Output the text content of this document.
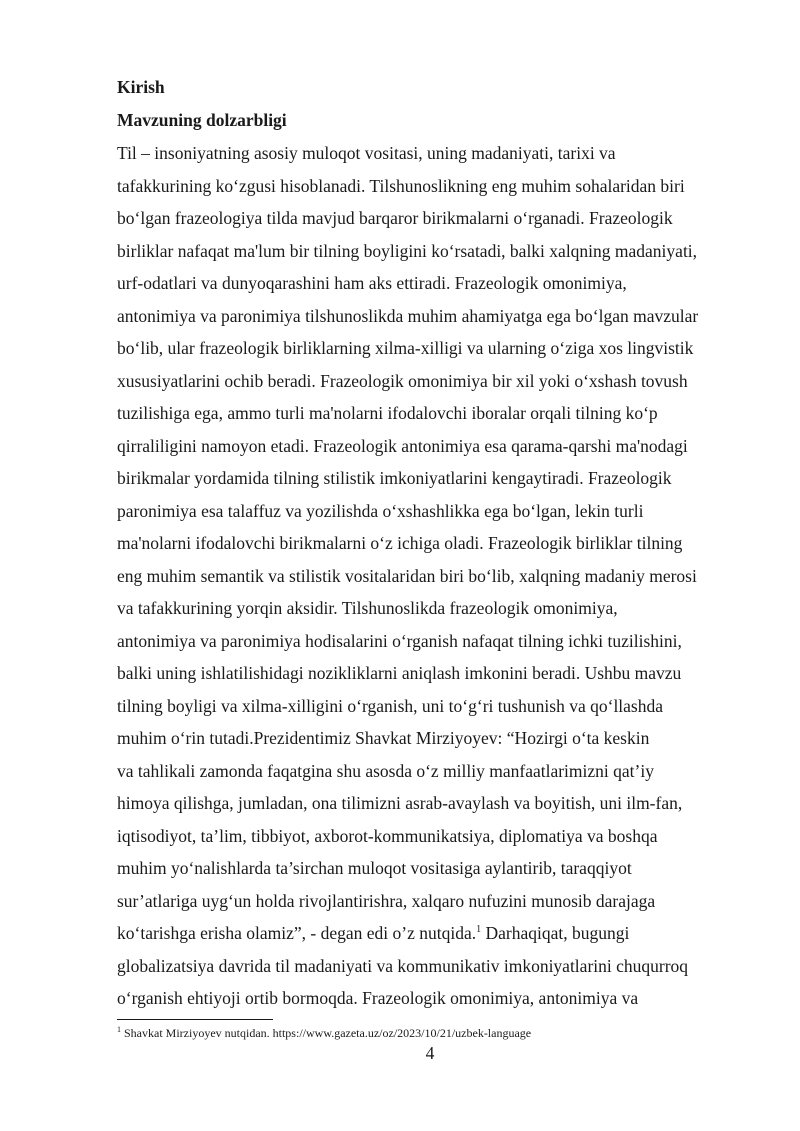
Kirish
Mavzuning dolzarbligi
Til – insoniyatning asosiy muloqot vositasi, uning madaniyati, tarixi va
tafakkurining ko‘zgusi hisoblanadi. Tilshunoslikning eng muhim sohalaridan biri
bo‘lgan frazeologiya tilda mavjud barqaror birikmalarni o‘rganadi. Frazeologik
birliklar nafaqat ma'lum bir tilning boyligini ko‘rsatadi, balki xalqning madaniyati,
urf-odatlari va dunyoqarashini ham aks ettiradi. Frazeologik omonimiya,
antonimiya va paronimiya tilshunoslikda muhim ahamiyatga ega bo‘lgan mavzular
bo‘lib, ular frazeologik birliklarning xilma-xilligi va ularning o‘ziga xos lingvistik
xususiyatlarini ochib beradi. Frazeologik omonimiya bir xil yoki o‘xshash tovush
tuzilishiga ega, ammo turli ma'nolarni ifodalovchi iboralar orqali tilning ko‘p
qirraliligini namoyon etadi. Frazeologik antonimiya esa qarama-qarshi ma'nodagi
birikmalar yordamida tilning stilistik imkoniyatlarini kengaytiradi. Frazeologik
paronimiya esa talaffuz va yozilishda o‘xshashlikka ega bo‘lgan, lekin turli
ma'nolarni ifodalovchi birikmalarni o‘z ichiga oladi. Frazeologik birliklar tilning
eng muhim semantik va stilistik vositalaridan biri bo‘lib, xalqning madaniy merosi
va tafakkurining yorqin aksidir. Tilshunoslikda frazeologik omonimiya,
antonimiya va paronimiya hodisalarini o‘rganish nafaqat tilning ichki tuzilishini,
balki uning ishlatilishidagi nozikliklarni aniqlash imkonini beradi. Ushbu mavzu
tilning boyligi va xilma-xilligini o‘rganish, uni to‘g‘ri tushunish va qo‘llashda
muhim o‘rin tutadi.Prezidentimiz Shavkat Mirziyoyev: “Hozirgi o‘ta keskin
va tahlikali zamonda faqatgina shu asosda o‘z milliy manfaatlarimizni qat’iy
himoya qilishga, jumladan, ona tilimizni asrab-avaylash va boyitish, uni ilm-fan,
iqtisodiyot, ta’lim, tibbiyot, axborot-kommunikatsiya, diplomatiya va boshqa
muhim yo‘nalishlarda ta’sirchan muloqot vositasiga aylantirib, taraqqiyot
sur’atlariga uyg‘un holda rivojlantirishra, xalqaro nufuzini munosib darajaga
ko‘tarishga erisha olamiz”, - degan edi o’z nutqida.$^1$ Darhaqiqat, bugungi
globalizatsiya davrida til madaniyati va kommunikativ imkoniyatlarini chuqurroq
o‘rganish ehtiyoji ortib bormoqda. Frazeologik omonimiya, antonimiya va
$^1$ Shavkat Mirziyoyev nutqidan. https://www.gazeta.uz/oz/2023/10/21/uzbek-language
4
